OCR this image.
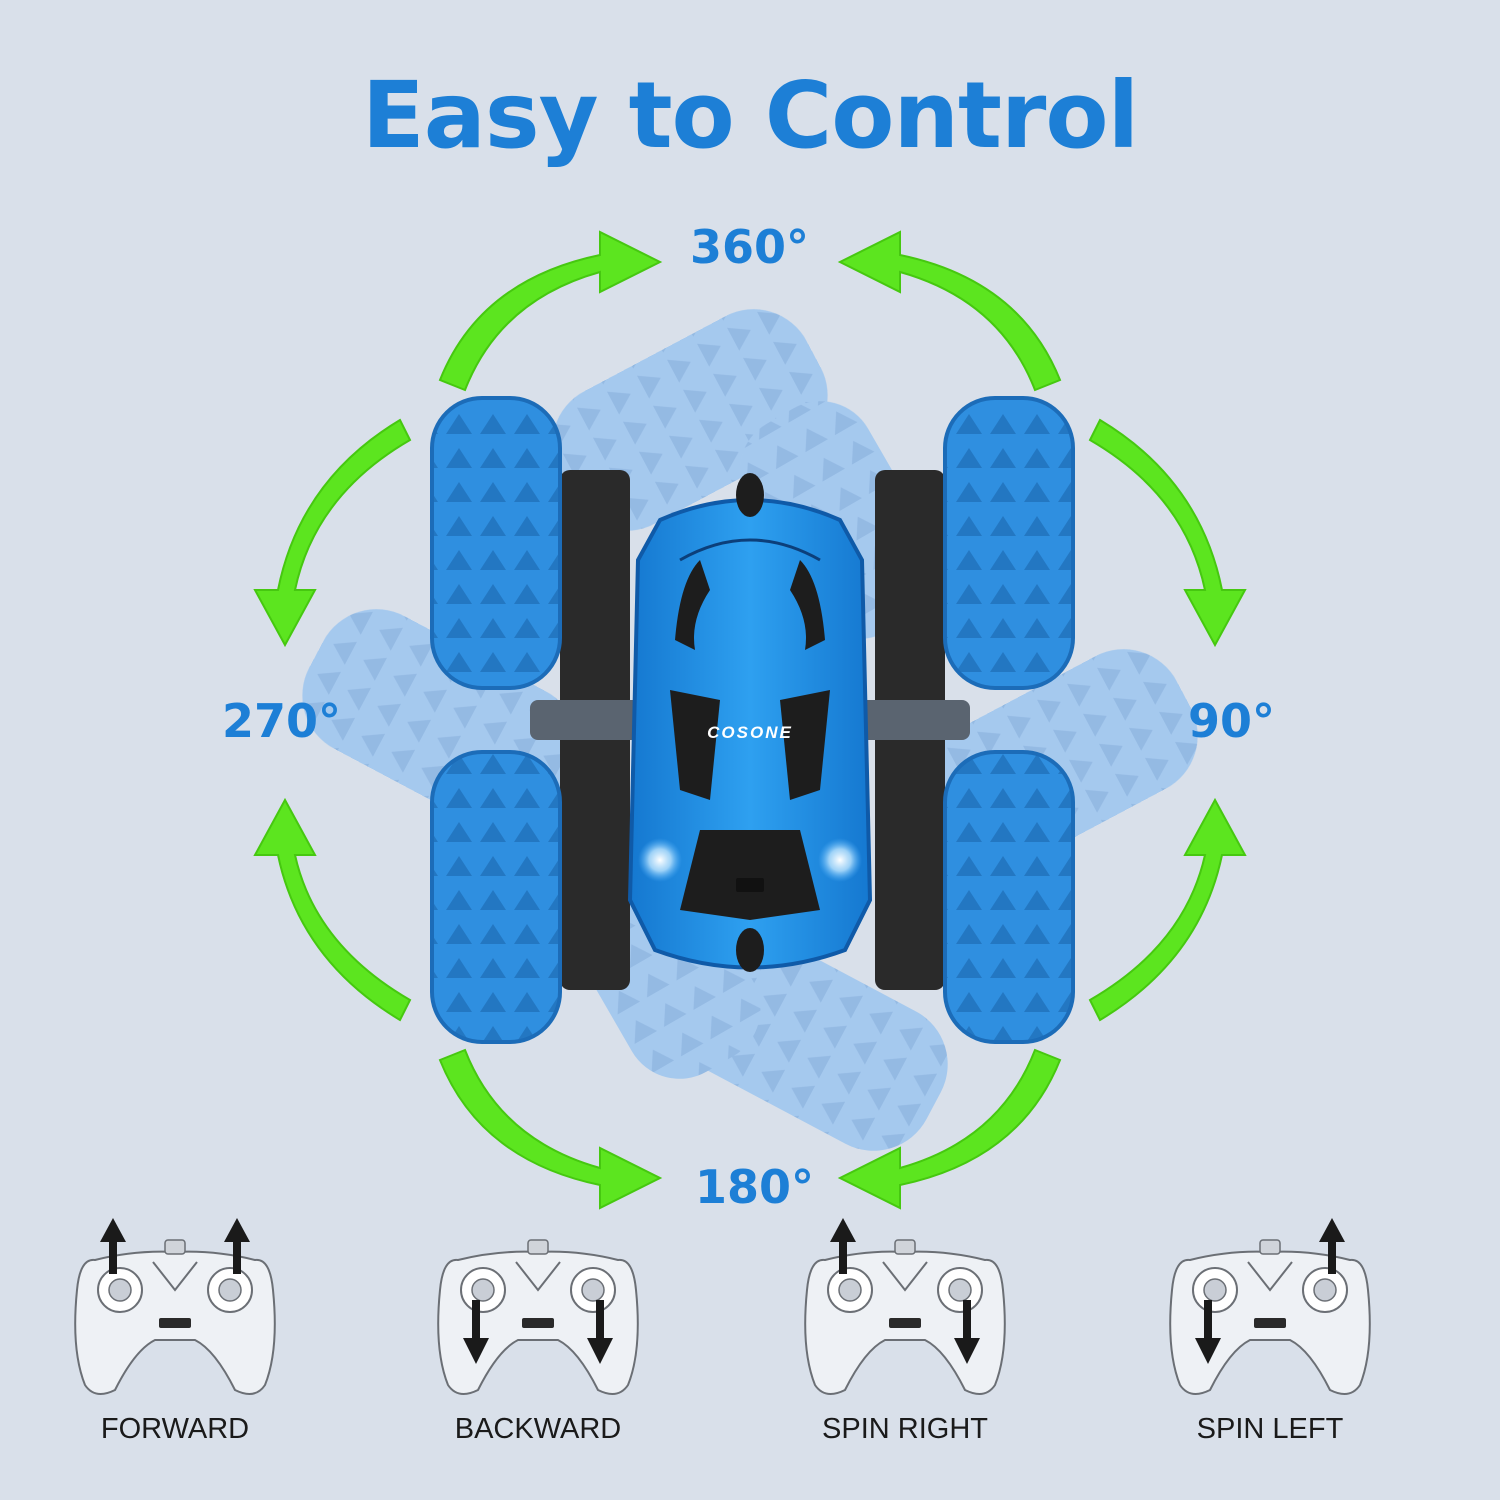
Easy to Control
COSONE
360°
90°
180°
270°
FORWARD	BACKWARD	SPIN RIGHT	SPIN LEFT
